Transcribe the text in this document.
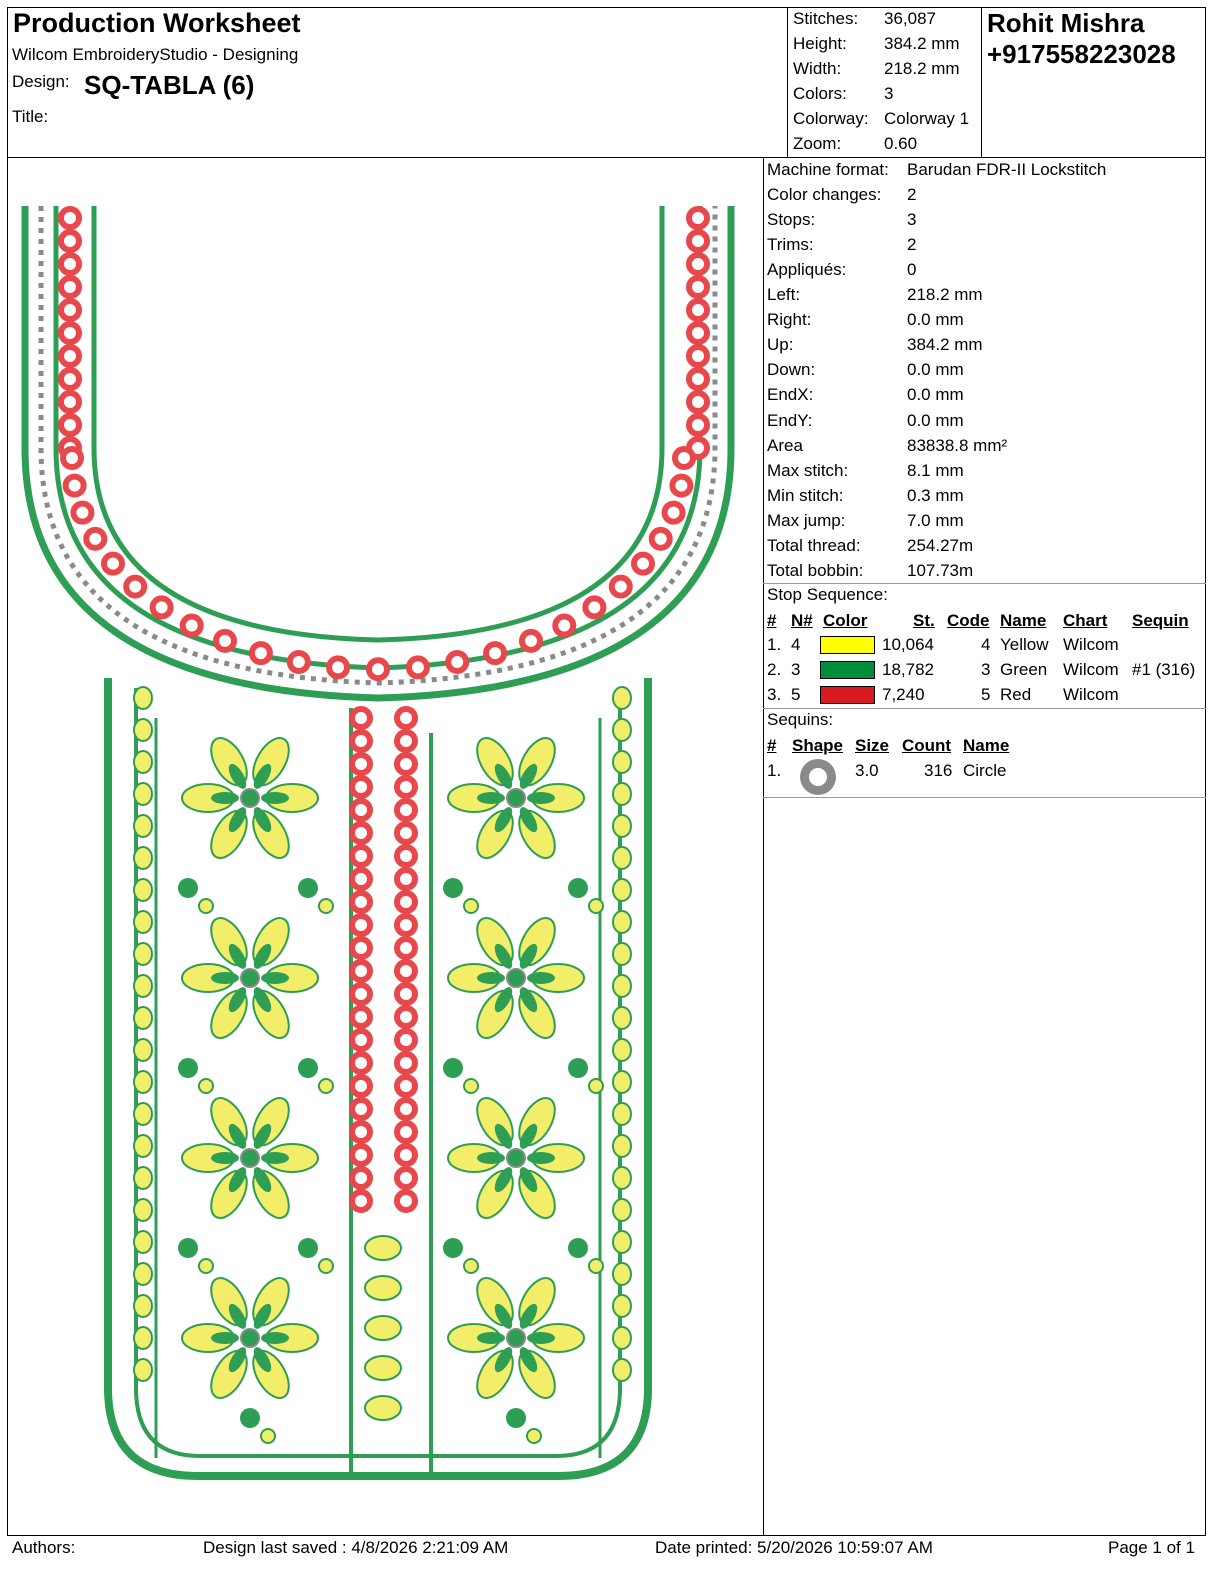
Production Worksheet
Wilcom EmbroideryStudio - Designing
Design: SQ-TABLA (6)
Title:
Stitches: 36,087
Height: 384.2 mm
Width:	218.2 mm
Colors: 3
Colorway: Colorway 1
Zoom:	0.60
Rohit Mishra
+917558223028
Machine format: Barudan FDR-II Lockstitch
Color changes: 2
Stops:	3
Trims:	2
Appliqués:	0
Left:	218.2 mm
Right:	0.0 mm
Up:	384.2 mm
Down:	0.0 mm
EndX:	0.0 mm
EndY:	0.0 mm
Area	83838.8 mm²
Max stitch:	8.1 mm
Min stitch:	0.3 mm
Max jump:	7.0 mm
Total thread:	254.27m
Total bobbin:	107.73m
Stop Sequence:
# N# Color	St. Code Name Chart Sequin
1. 4	10,064	4 Yellow Wilcom
2. 3	18,782	3 Green Wilcom #1 (316)
3. 5	7,240	5 Red Wilcom
Sequins:
# Shape Size Count Name
1.	3.0	316 Circle
Authors:	Design last saved : 4/8/2026 2:21:09 AM	Date printed: 5/20/2026 10:59:07 AM	Page 1 of 1
